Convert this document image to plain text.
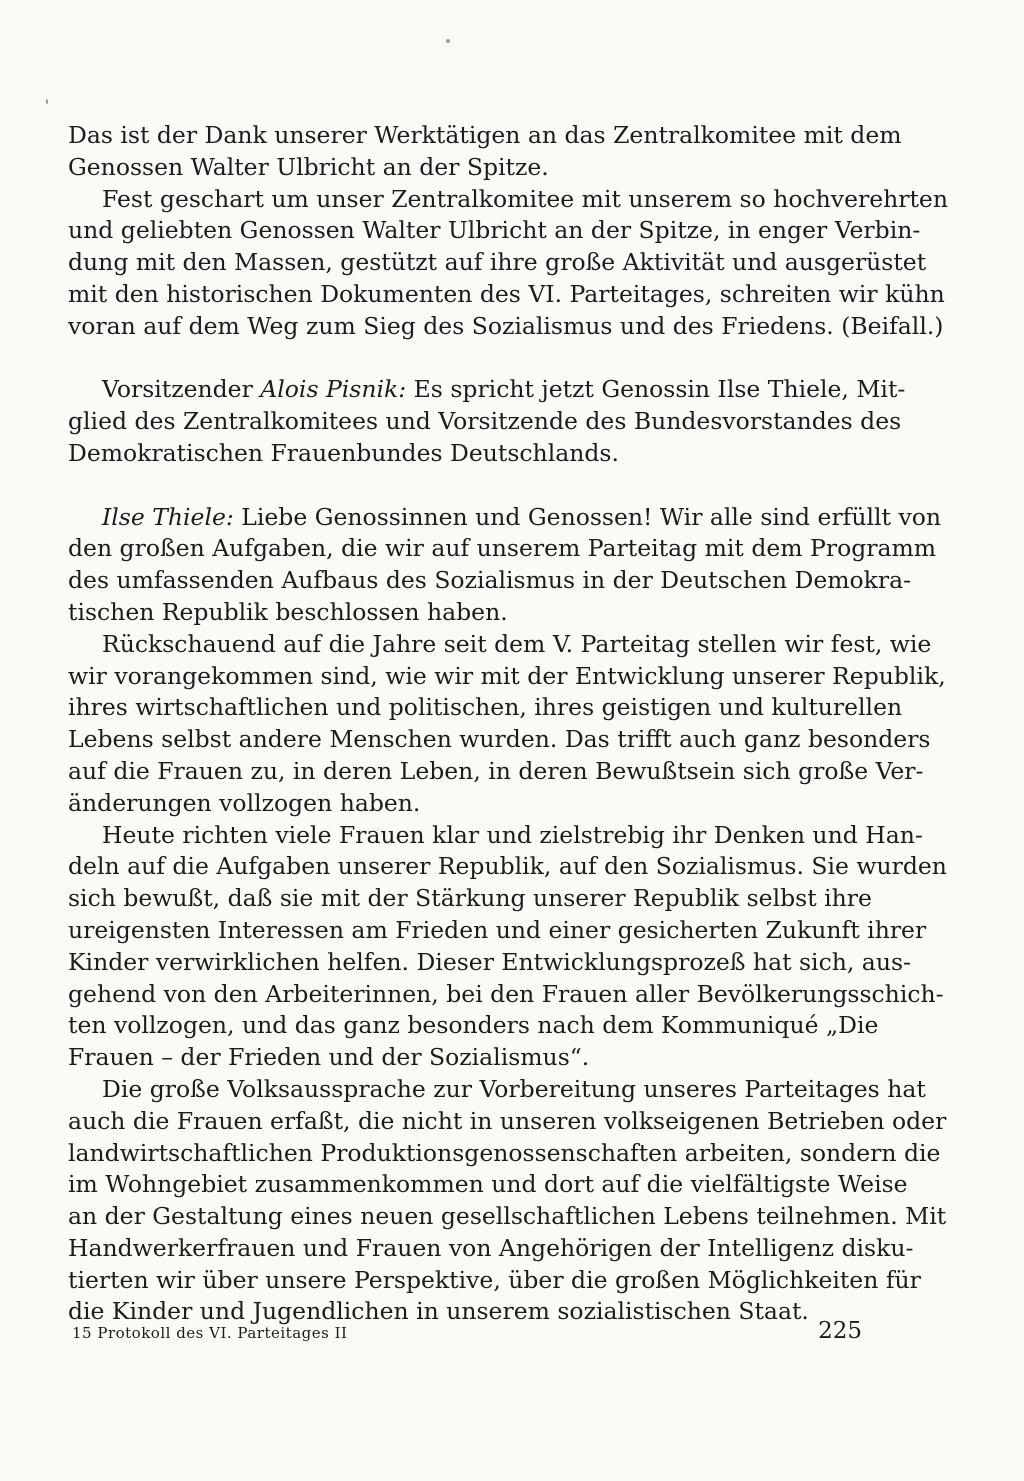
Das ist der Dank unserer Werktätigen an das Zentralkomitee mit dem
Genossen Walter Ulbricht an der Spitze.
Fest geschart um unser Zentralkomitee mit unserem so hochverehrten
und geliebten Genossen Walter Ulbricht an der Spitze, in enger Verbin-
dung mit den Massen, gestützt auf ihre große Aktivität und ausgerüstet
mit den historischen Dokumenten des VI. Parteitages, schreiten wir kühn
voran auf dem Weg zum Sieg des Sozialismus und des Friedens. (Beifall.)
Vorsitzender Alois Pisnik: Es spricht jetzt Genossin Ilse Thiele, Mit-
glied des Zentralkomitees und Vorsitzende des Bundesvorstandes des
Demokratischen Frauenbundes Deutschlands.
Ilse Thiele: Liebe Genossinnen und Genossen! Wir alle sind erfüllt von
den großen Aufgaben, die wir auf unserem Parteitag mit dem Programm
des umfassenden Aufbaus des Sozialismus in der Deutschen Demokra-
tischen Republik beschlossen haben.
Rückschauend auf die Jahre seit dem V. Parteitag stellen wir fest, wie
wir vorangekommen sind, wie wir mit der Entwicklung unserer Republik,
ihres wirtschaftlichen und politischen, ihres geistigen und kulturellen
Lebens selbst andere Menschen wurden. Das trifft auch ganz besonders
auf die Frauen zu, in deren Leben, in deren Bewußtsein sich große Ver-
änderungen vollzogen haben.
Heute richten viele Frauen klar und zielstrebig ihr Denken und Han-
deln auf die Aufgaben unserer Republik, auf den Sozialismus. Sie wurden
sich bewußt, daß sie mit der Stärkung unserer Republik selbst ihre
ureigensten Interessen am Frieden und einer gesicherten Zukunft ihrer
Kinder verwirklichen helfen. Dieser Entwicklungsprozeß hat sich, aus-
gehend von den Arbeiterinnen, bei den Frauen aller Bevölkerungsschich-
ten vollzogen, und das ganz besonders nach dem Kommuniqué „Die
Frauen – der Frieden und der Sozialismus“.
Die große Volksaussprache zur Vorbereitung unseres Parteitages hat
auch die Frauen erfaßt, die nicht in unseren volkseigenen Betrieben oder
landwirtschaftlichen Produktionsgenossenschaften arbeiten, sondern die
im Wohngebiet zusammenkommen und dort auf die vielfältigste Weise
an der Gestaltung eines neuen gesellschaftlichen Lebens teilnehmen. Mit
Handwerkerfrauen und Frauen von Angehörigen der Intelligenz disku-
tierten wir über unsere Perspektive, über die großen Möglichkeiten für
die Kinder und Jugendlichen in unserem sozialistischen Staat.
15 Protokoll des VI. Parteitages II	225
